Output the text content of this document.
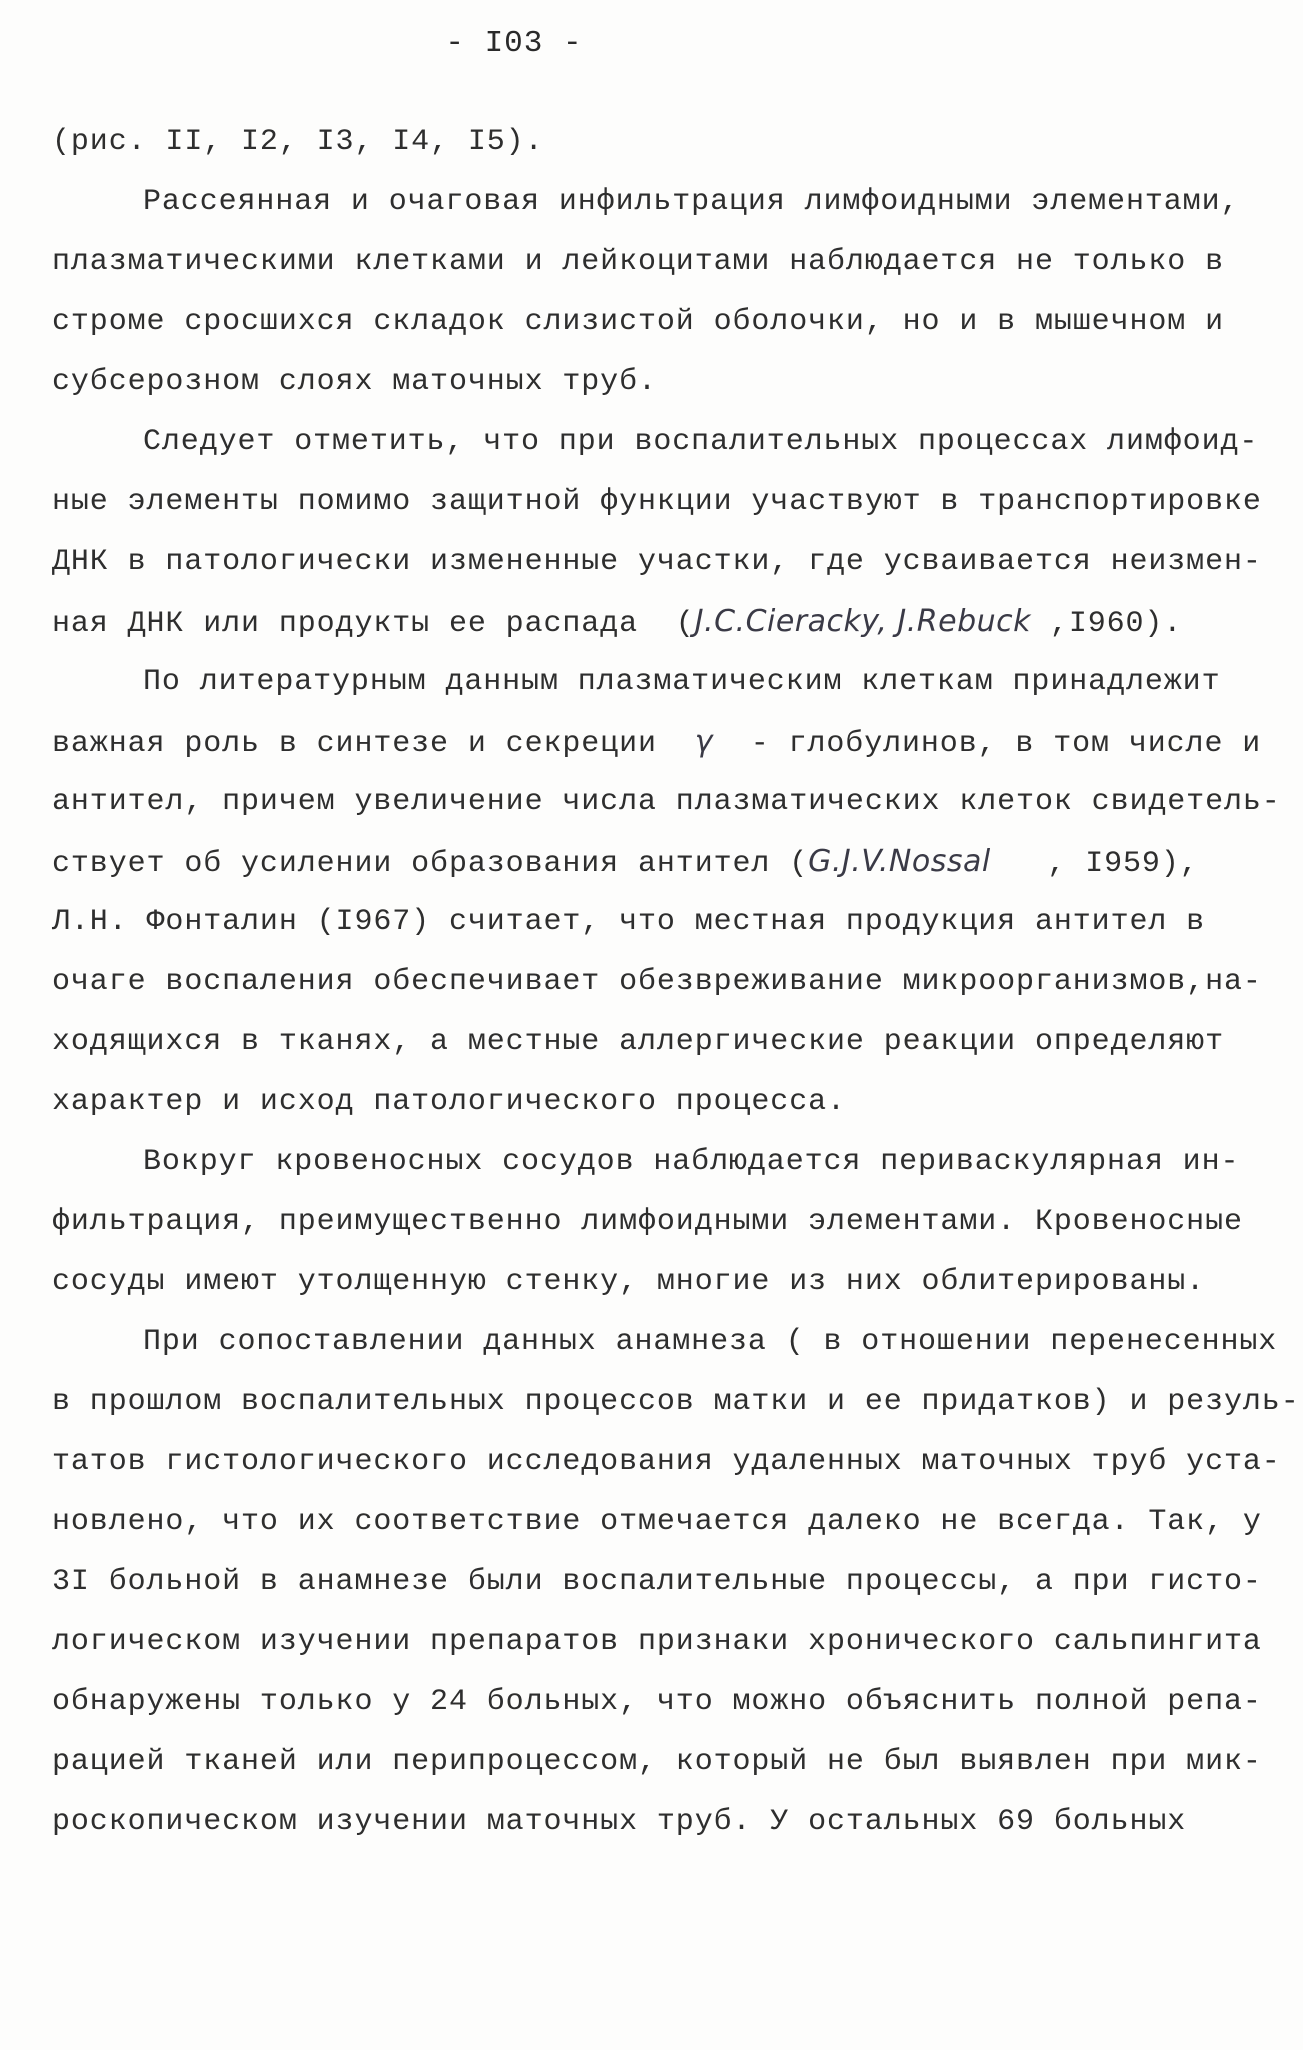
- I03 -
(рис. II, I2, I3, I4, I5).
Рассеянная и очаговая инфильтрация лимфоидными элементами,
плазматическими клетками и лейкоцитами наблюдается не только в
строме сросшихся складок слизистой оболочки, но и в мышечном и
субсерозном слоях маточных труб.
Следует отметить, что при воспалительных процессах лимфоид-
ные элементы помимо защитной функции участвуют в транспортировке
ДНК в патологически измененные участки, где усваивается неизмен-
ная ДНК или продукты ее распада  (J.C.Cieracky, J.Rebuck ,I960).
По литературным данным плазматическим клеткам принадлежит
важная роль в синтезе и секреции  γ  - глобулинов, в том числе и
антител, причем увеличение числа плазматических клеток свидетель-
ствует об усилении образования антител (G.J.V.Nossal   , I959),
Л.Н. Фонталин (I967) считает, что местная продукция антител в
очаге воспаления обеспечивает обезвреживание микроорганизмов,на-
ходящихся в тканях, а местные аллергические реакции определяют
характер и исход патологического процесса.
Вокруг кровеносных сосудов наблюдается периваскулярная ин-
фильтрация, преимущественно лимфоидными элементами. Кровеносные
сосуды имеют утолщенную стенку, многие из них облитерированы.
При сопоставлении данных анамнеза ( в отношении перенесенных
в прошлом воспалительных процессов матки и ее придатков) и резуль-
татов гистологического исследования удаленных маточных труб уста-
новлено, что их соответствие отмечается далеко не всегда. Так, у
3I больной в анамнезе были воспалительные процессы, а при гисто-
логическом изучении препаратов признаки хронического сальпингита
обнаружены только у 24 больных, что можно объяснить полной репа-
рацией тканей или перипроцессом, который не был выявлен при мик-
роскопическом изучении маточных труб. У остальных 69 больных
